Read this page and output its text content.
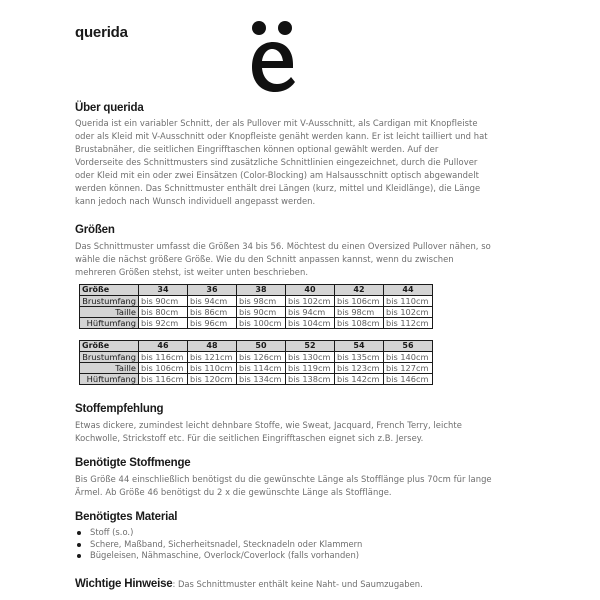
querida
Über querida
Querida ist ein variabler Schnitt, der als Pullover mit V-Ausschnitt, als Cardigan mit Knopfleiste
oder als Kleid mit V-Ausschnitt oder Knopfleiste genäht werden kann. Er ist leicht tailliert und hat
Brustabnäher, die seitlichen Eingrifftaschen können optional gewählt werden. Auf der
Vorderseite des Schnittmusters sind zusätzliche Schnittlinien eingezeichnet, durch die Pullover
oder Kleid mit ein oder zwei Einsätzen (Color-Blocking) am Halsausschnitt optisch abgewandelt
werden können. Das Schnittmuster enthält drei Längen (kurz, mittel und Kleidlänge), die Länge
kann jedoch nach Wunsch individuell angepasst werden.
Größen
Das Schnittmuster umfasst die Größen 34 bis 56. Möchtest du einen Oversized Pullover nähen, so
wähle die nächst größere Größe. Wie du den Schnitt anpassen kannst, wenn du zwischen
mehreren Größen stehst, ist weiter unten beschrieben.
Größe	34	36	38	40	42	44
Brustumfang	bis 90cm	bis 94cm	bis 98cm	bis 102cm	bis 106cm	bis 110cm
Taille	bis 80cm	bis 86cm	bis 90cm	bis 94cm	bis 98cm	bis 102cm
Hüftumfang	bis 92cm	bis 96cm	bis 100cm	bis 104cm	bis 108cm	bis 112cm
Größe	46	48	50	52	54	56
Brustumfang	bis 116cm	bis 121cm	bis 126cm	bis 130cm	bis 135cm	bis 140cm
Taille	bis 106cm	bis 110cm	bis 114cm	bis 119cm	bis 123cm	bis 127cm
Hüftumfang	bis 116cm	bis 120cm	bis 134cm	bis 138cm	bis 142cm	bis 146cm
Stoffempfehlung
Etwas dickere, zumindest leicht dehnbare Stoffe, wie Sweat, Jacquard, French Terry, leichte
Kochwolle, Strickstoff etc. Für die seitlichen Eingrifftaschen eignet sich z.B. Jersey.
Benötigte Stoffmenge
Bis Größe 44 einschließlich benötigst du die gewünschte Länge als Stofflänge plus 70cm für lange
Ärmel. Ab Größe 46 benötigst du 2 x die gewünschte Länge als Stofflänge.
Benötigtes Material
Stoff (s.o.)
Schere, Maßband, Sicherheitsnadel, Stecknadeln oder Klammern
Bügeleisen, Nähmaschine, Overlock/Coverlock (falls vorhanden)
Wichtige Hinweise: Das Schnittmuster enthält keine Naht- und Saumzugaben.
